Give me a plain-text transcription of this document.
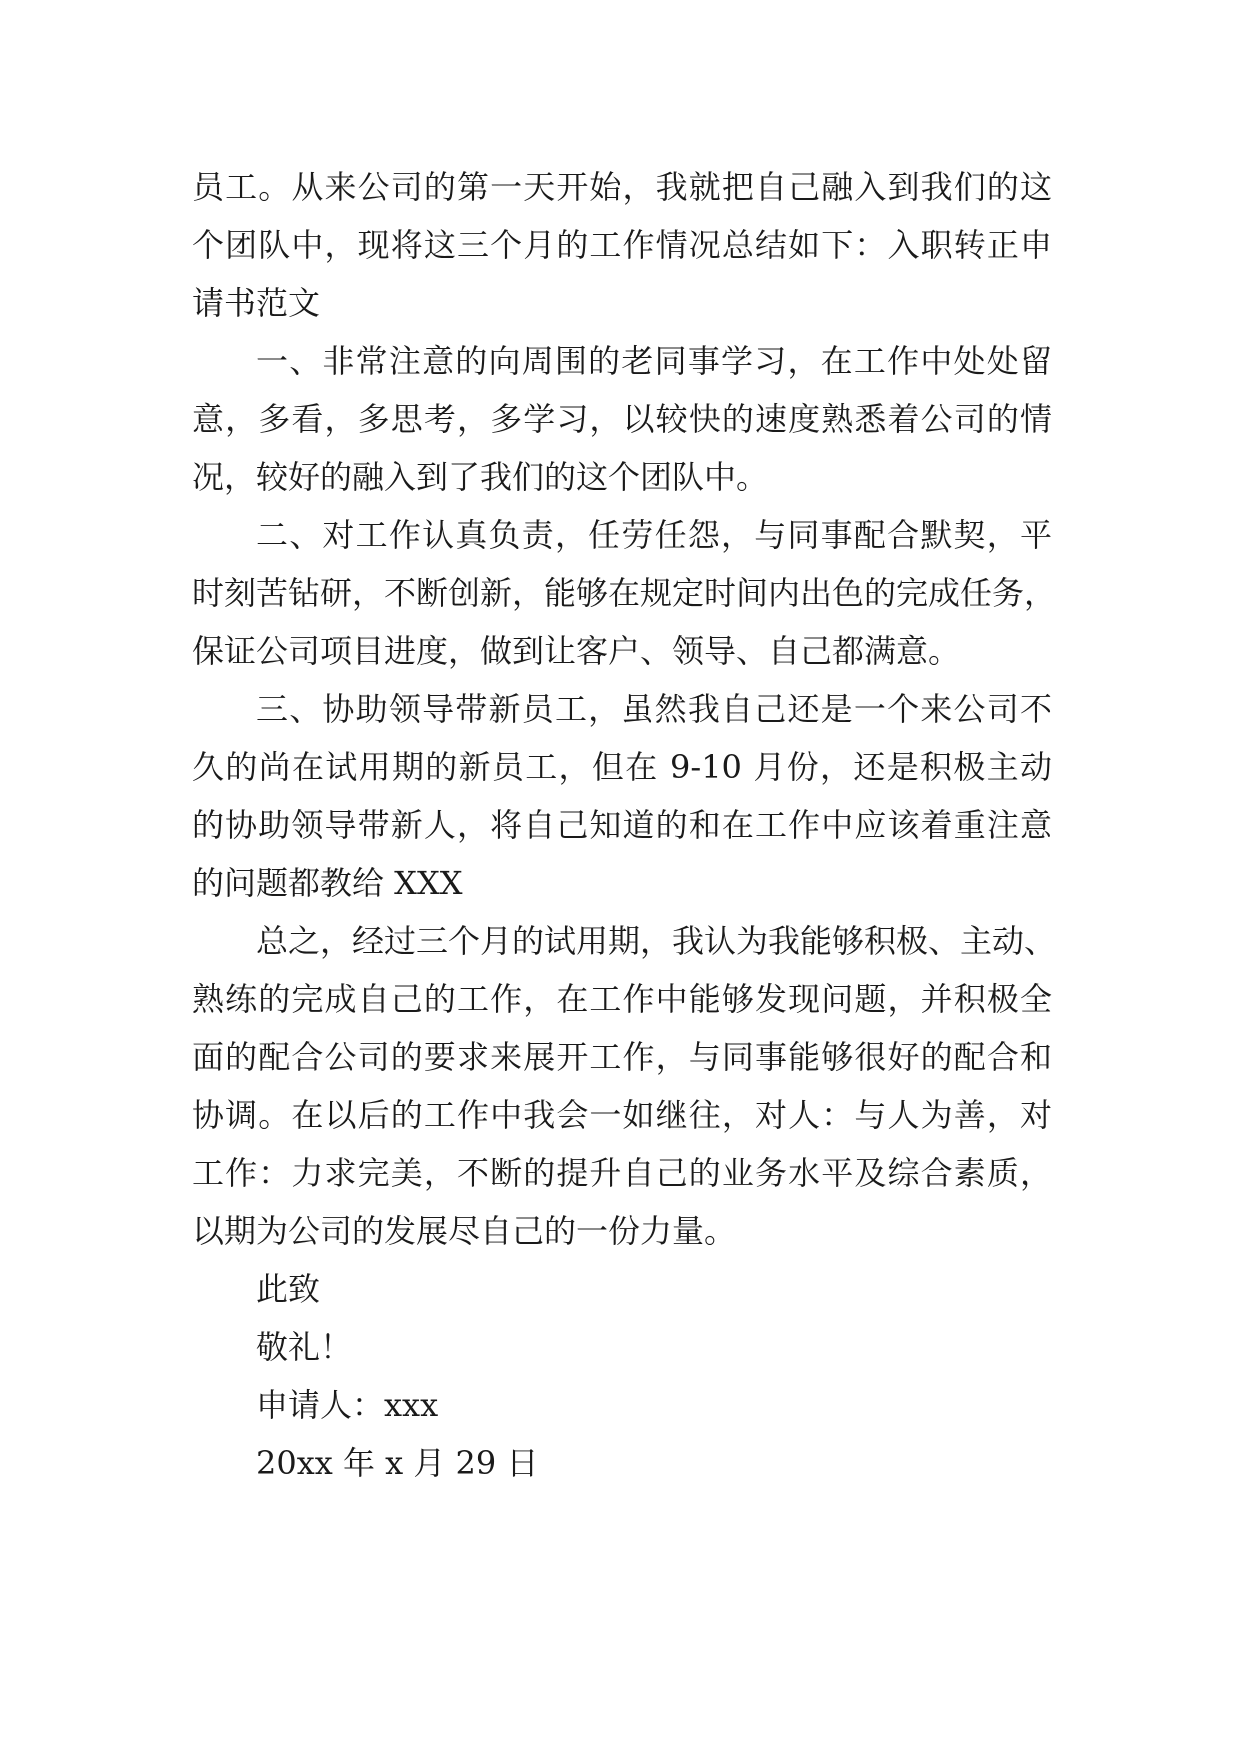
员工。从来公司的第一天开始，我就把自己融入到我们的这
个团队中，现将这三个月的工作情况总结如下：入职转正申
请书范文
一、非常注意的向周围的老同事学习，在工作中处处留
意，多看，多思考，多学习，以较快的速度熟悉着公司的情
况，较好的融入到了我们的这个团队中。
二、对工作认真负责，任劳任怨，与同事配合默契，平
时刻苦钻研，不断创新，能够在规定时间内出色的完成任务，
保证公司项目进度，做到让客户、领导、自己都满意。
三、协助领导带新员工，虽然我自己还是一个来公司不
久的尚在试用期的新员工，但在 9-10 月份，还是积极主动
的协助领导带新人，将自己知道的和在工作中应该着重注意
的问题都教给 XXX
总之，经过三个月的试用期，我认为我能够积极、主动、
熟练的完成自己的工作，在工作中能够发现问题，并积极全
面的配合公司的要求来展开工作，与同事能够很好的配合和
协调。在以后的工作中我会一如继往，对人：与人为善，对
工作：力求完美，不断的提升自己的业务水平及综合素质，
以期为公司的发展尽自己的一份力量。
此致
敬礼！
申请人：xxx
20xx 年 x 月 29 日
